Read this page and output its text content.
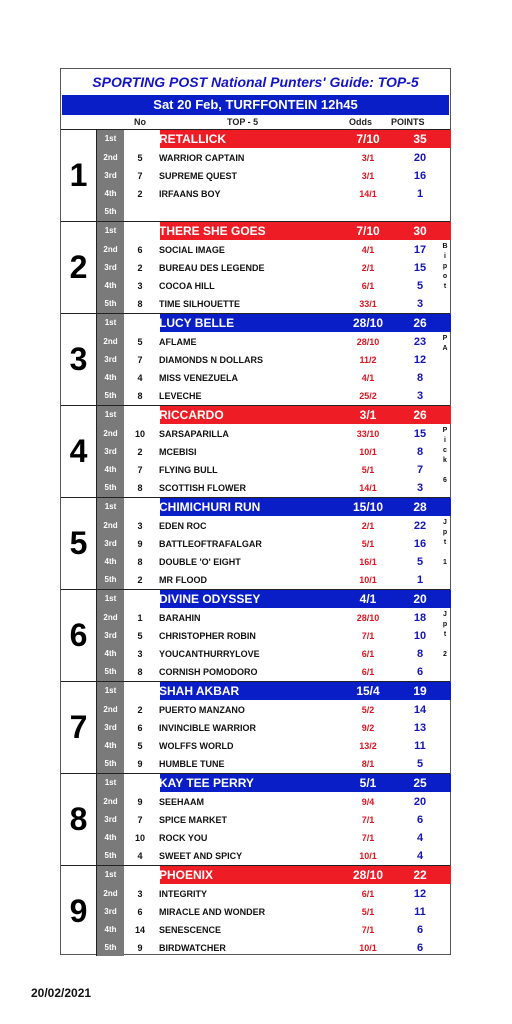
SPORTING POST National Punters' Guide: TOP-5
Sat 20 Feb, TURFFONTEIN 12h45
No	TOP - 5	Odds POINTS
1
1st	3	RETALLICK	7/10	35
2nd	5	WARRIOR CAPTAIN	3/1	20
3rd	7	SUPREME QUEST	3/1	16
4th	2	IRFAANS BOY	14/1	1
5th
2
1st	7	THERE SHE GOES	7/10	30
2nd	6	SOCIAL IMAGE	4/1	17
3rd	2	BUREAU DES LEGENDE	2/1	15
4th	3	COCOA HILL	6/1	5
5th	8	TIME SILHOUETTE	33/1	3
B
i
p
o
t
3
1st	1	LUCY BELLE	28/10	26
2nd	5	AFLAME	28/10	23
3rd	7	DIAMONDS N DOLLARS	11/2	12
4th	4	MISS VENEZUELA	4/1	8
5th	8	LEVECHE	25/2	3
P
A
4
1st	1	RICCARDO	3/1	26
2nd	10 SARSAPARILLA	33/10	15
3rd	2	MCEBISI	10/1	8
4th	7	FLYING BULL	5/1	7
5th	8	SCOTTISH FLOWER	14/1	3
P
i
c
k

6
5
1st	1	CHIMICHURI RUN	15/10	28
2nd	3	EDEN ROC	2/1	22
3rd	9	BATTLEOFTRAFALGAR	5/1	16
4th	8	DOUBLE 'O' EIGHT	16/1	5
5th	2	MR FLOOD	10/1	1
J
p
t

1
6
1st	2	DIVINE ODYSSEY	4/1	20
2nd	1	BARAHIN	28/10	18
3rd	5	CHRISTOPHER ROBIN	7/1	10
4th	3	YOUCANTHURRYLOVE	6/1	8
5th	8	CORNISH POMODORO	6/1	6
J
p
t

2
7
1st	1	SHAH AKBAR	15/4	19
2nd	2	PUERTO MANZANO	5/2	14
3rd	6	INVINCIBLE WARRIOR	9/2	13
4th	5	WOLFFS WORLD	13/2	11
5th	9	HUMBLE TUNE	8/1	5
8
1st	8	KAY TEE PERRY	5/1	25
2nd	9	SEEHAAM	9/4	20
3rd	7	SPICE MARKET	7/1	6
4th	10 ROCK YOU	7/1	4
5th	4	SWEET AND SPICY	10/1	4
9
1st	4	PHOENIX	28/10	22
2nd	3	INTEGRITY	6/1	12
3rd	6	MIRACLE AND WONDER	5/1	11
4th	14 SENESCENCE	7/1	6
5th	9	BIRDWATCHER	10/1	6
20/02/2021
